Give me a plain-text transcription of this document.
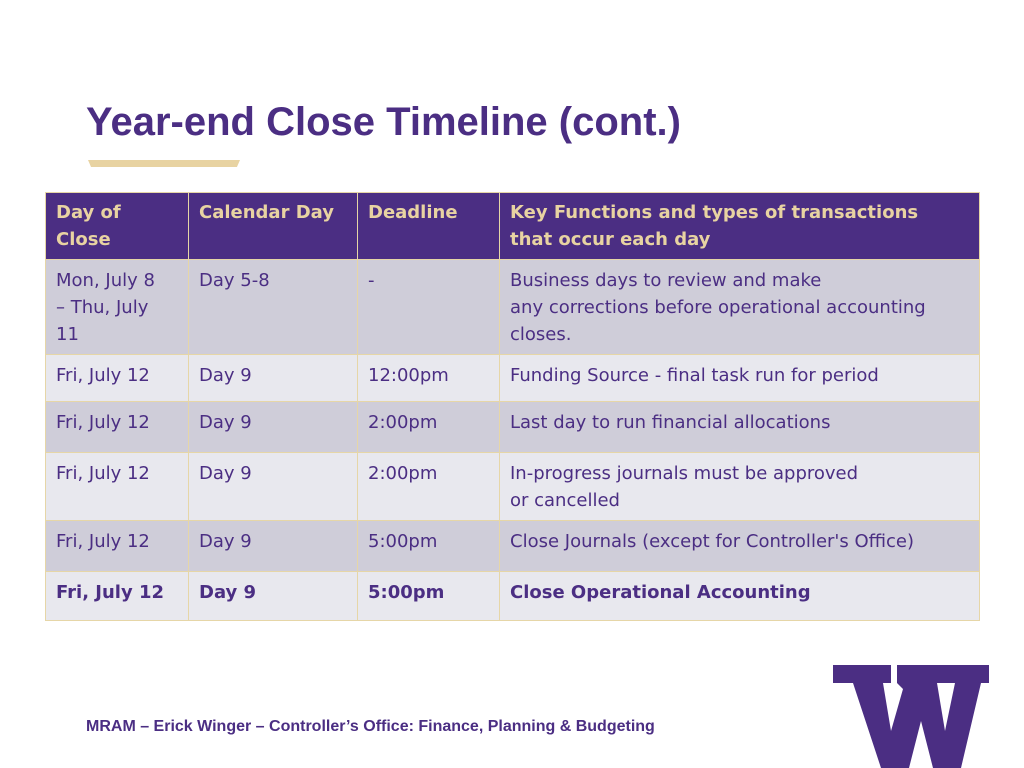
Year-end Close Timeline (cont.)
Day of Close	Calendar Day	Deadline	Key Functions and types of transactions
that occur each day
Mon, July 8
– Thu, July
11	Day 5-8	-	Business days to review and make
any corrections before operational accounting
closes.
Fri, July 12	Day 9	12:00pm	Funding Source - final task run for period
Fri, July 12	Day 9	2:00pm	Last day to run financial allocations
Fri, July 12	Day 9	2:00pm	In-progress journals must be approved
or cancelled
Fri, July 12	Day 9	5:00pm	Close Journals (except for Controller's Office)
Fri, July 12	Day 9	5:00pm	Close Operational Accounting
MRAM – Erick Winger – Controller’s Office: Finance, Planning & Budgeting
